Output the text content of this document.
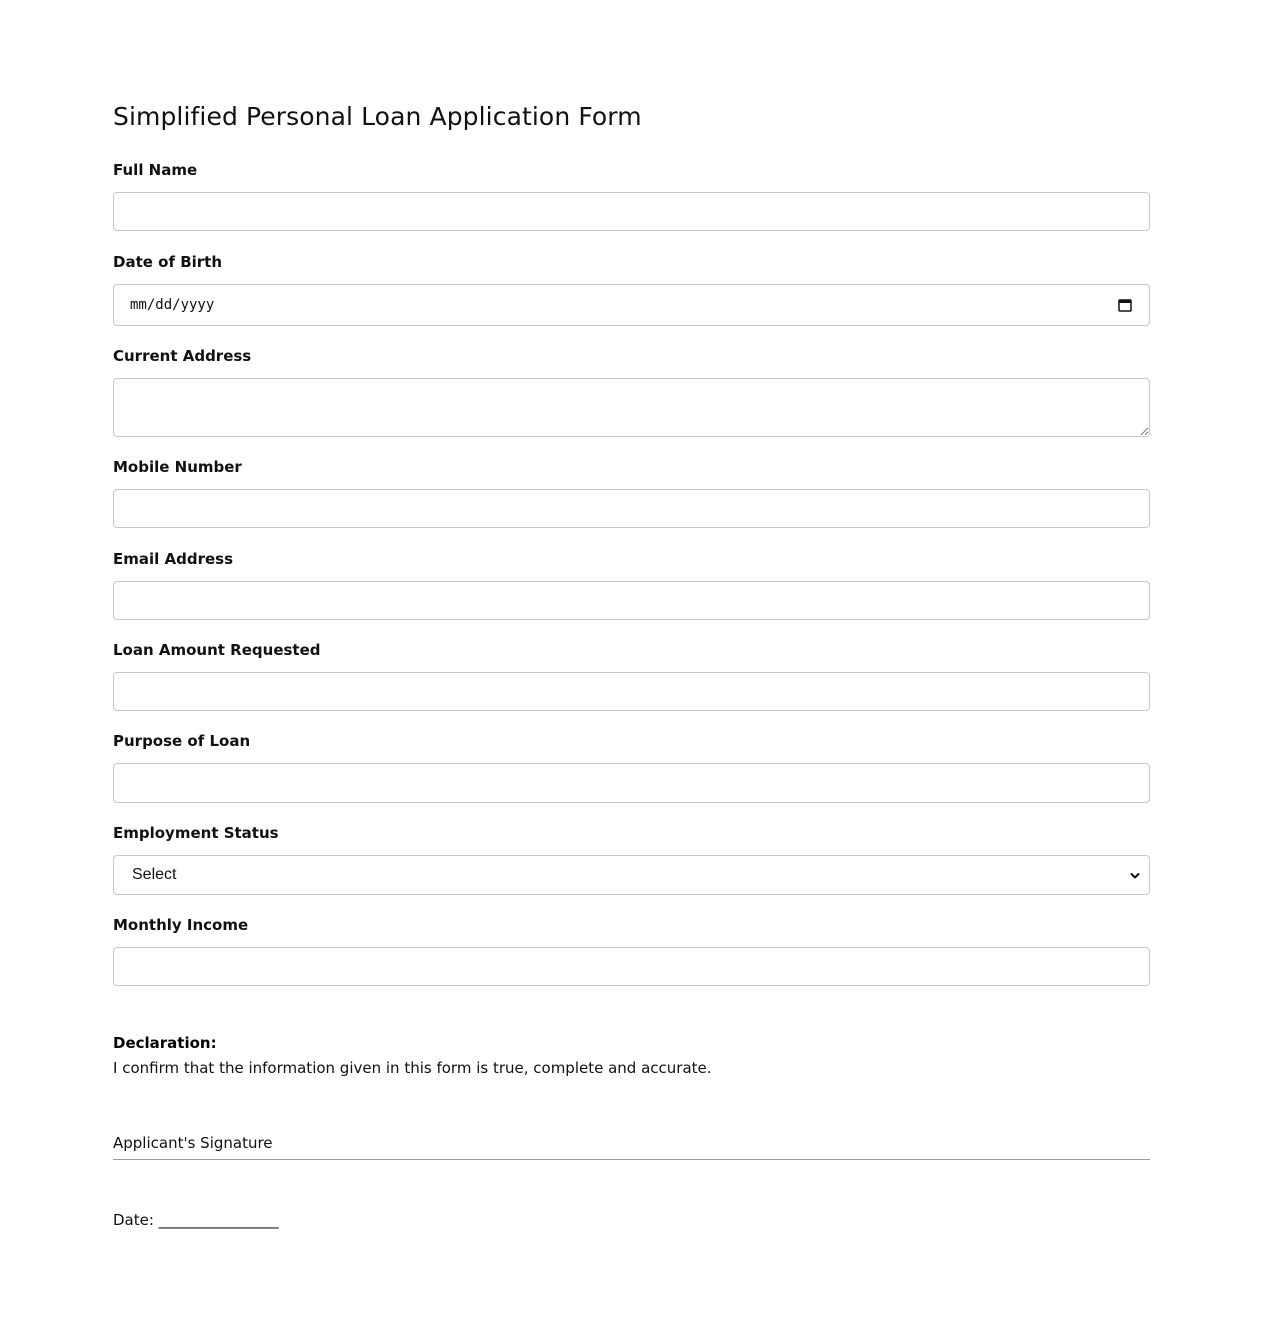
Simplified Personal Loan Application Form
Full Name
Date of Birth
mm/dd/yyyy
Current Address
Mobile Number
Email Address
Loan Amount Requested
Purpose of Loan
Employment Status
Select
Monthly Income
Declaration:
I confirm that the information given in this form is true, complete and accurate.
Applicant's Signature
Date: ________________
